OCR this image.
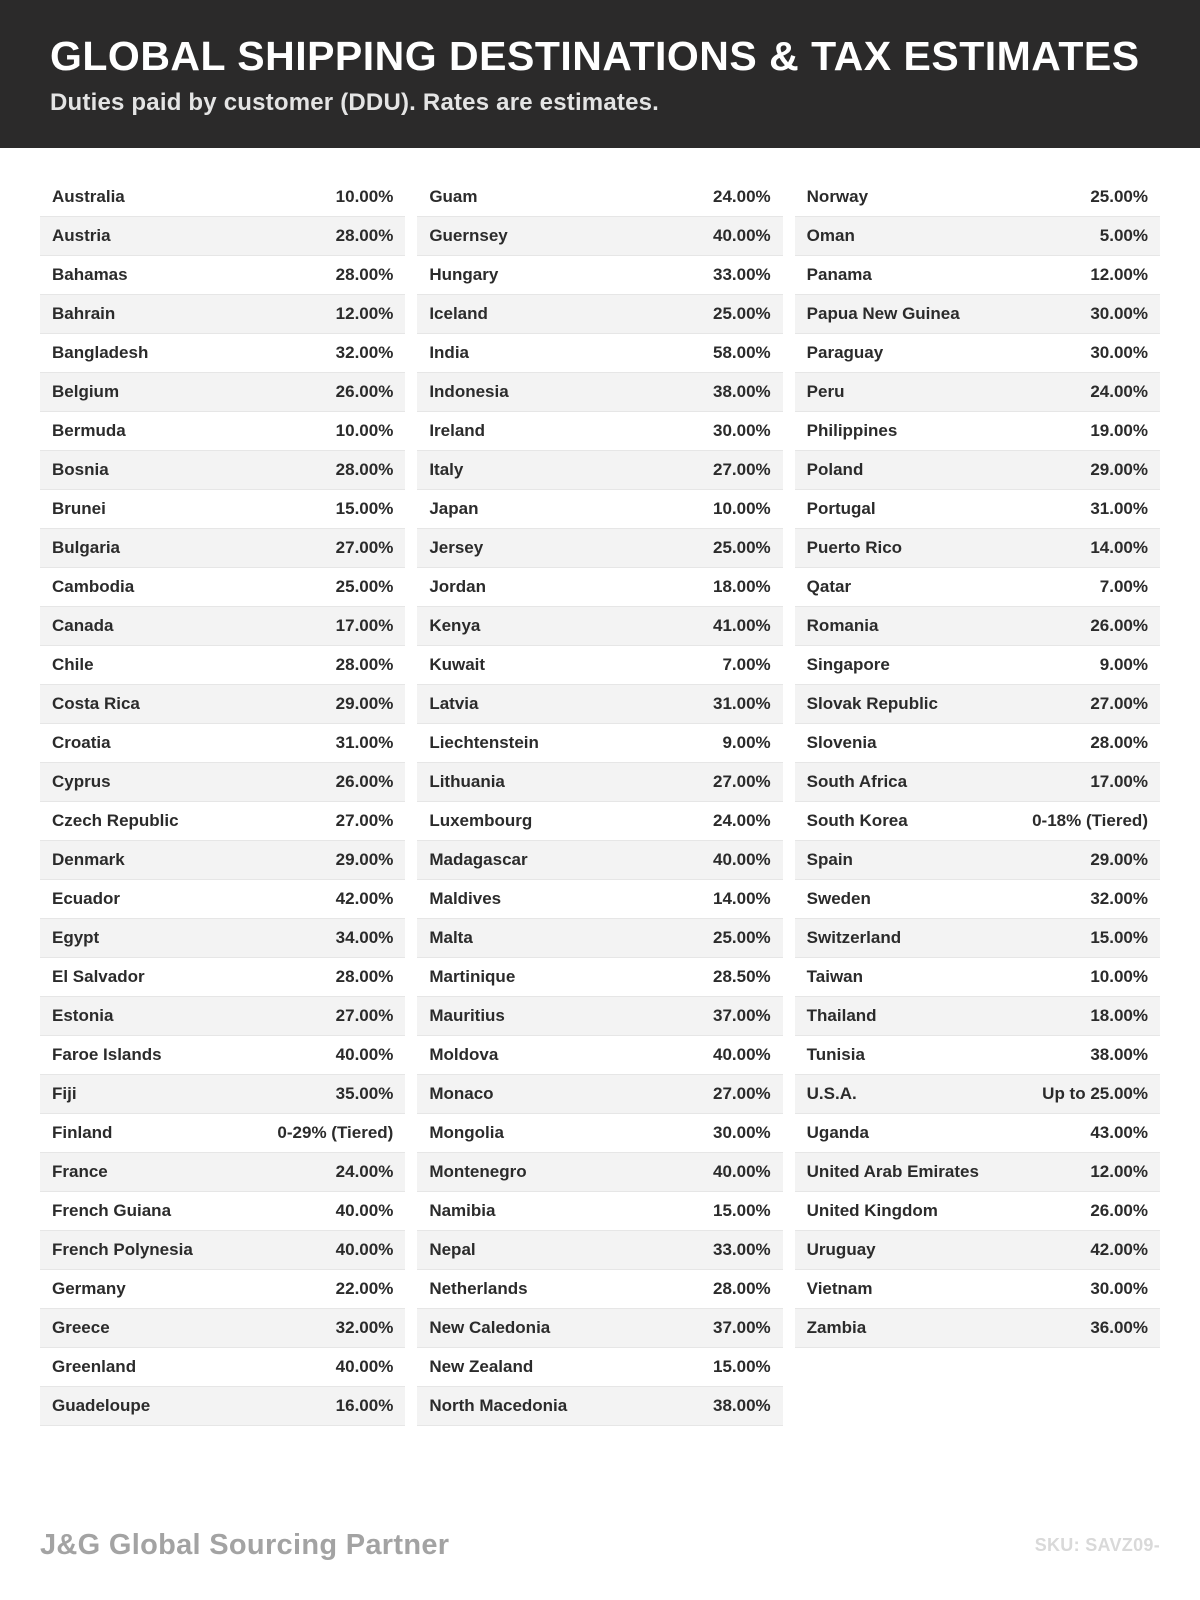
GLOBAL SHIPPING DESTINATIONS & TAX ESTIMATES

Duties paid by customer (DDU). Rates are estimates.

Australia	10.00%
Austria	28.00%
Bahamas	28.00%
Bahrain	12.00%
Bangladesh	32.00%
Belgium	26.00%
Bermuda	10.00%
Bosnia	28.00%
Brunei	15.00%
Bulgaria	27.00%
Cambodia	25.00%
Canada	17.00%
Chile	28.00%
Costa Rica	29.00%
Croatia	31.00%
Cyprus	26.00%
Czech Republic	27.00%
Denmark	29.00%
Ecuador	42.00%
Egypt	34.00%
El Salvador	28.00%
Estonia	27.00%
Faroe Islands	40.00%
Fiji	35.00%
Finland	0-29% (Tiered)
France	24.00%
French Guiana	40.00%
French Polynesia	40.00%
Germany	22.00%
Greece	32.00%
Greenland	40.00%
Guadeloupe	16.00%
Guam	24.00%
Guernsey	40.00%
Hungary	33.00%
Iceland	25.00%
India	58.00%
Indonesia	38.00%
Ireland	30.00%
Italy	27.00%
Japan	10.00%
Jersey	25.00%
Jordan	18.00%
Kenya	41.00%
Kuwait	7.00%
Latvia	31.00%
Liechtenstein	9.00%
Lithuania	27.00%
Luxembourg	24.00%
Madagascar	40.00%
Maldives	14.00%
Malta	25.00%
Martinique	28.50%
Mauritius	37.00%
Moldova	40.00%
Monaco	27.00%
Mongolia	30.00%
Montenegro	40.00%
Namibia	15.00%
Nepal	33.00%
Netherlands	28.00%
New Caledonia	37.00%
New Zealand	15.00%
North Macedonia	38.00%
Norway	25.00%
Oman	5.00%
Panama	12.00%
Papua New Guinea	30.00%
Paraguay	30.00%
Peru	24.00%
Philippines	19.00%
Poland	29.00%
Portugal	31.00%
Puerto Rico	14.00%
Qatar	7.00%
Romania	26.00%
Singapore	9.00%
Slovak Republic	27.00%
Slovenia	28.00%
South Africa	17.00%
South Korea	0-18% (Tiered)
Spain	29.00%
Sweden	32.00%
Switzerland	15.00%
Taiwan	10.00%
Thailand	18.00%
Tunisia	38.00%
U.S.A.	Up to 25.00%
Uganda	43.00%
United Arab Emirates	12.00%
United Kingdom	26.00%
Uruguay	42.00%
Vietnam	30.00%
Zambia	36.00%
J&G Global Sourcing Partner	SKU: SAVZ09-
